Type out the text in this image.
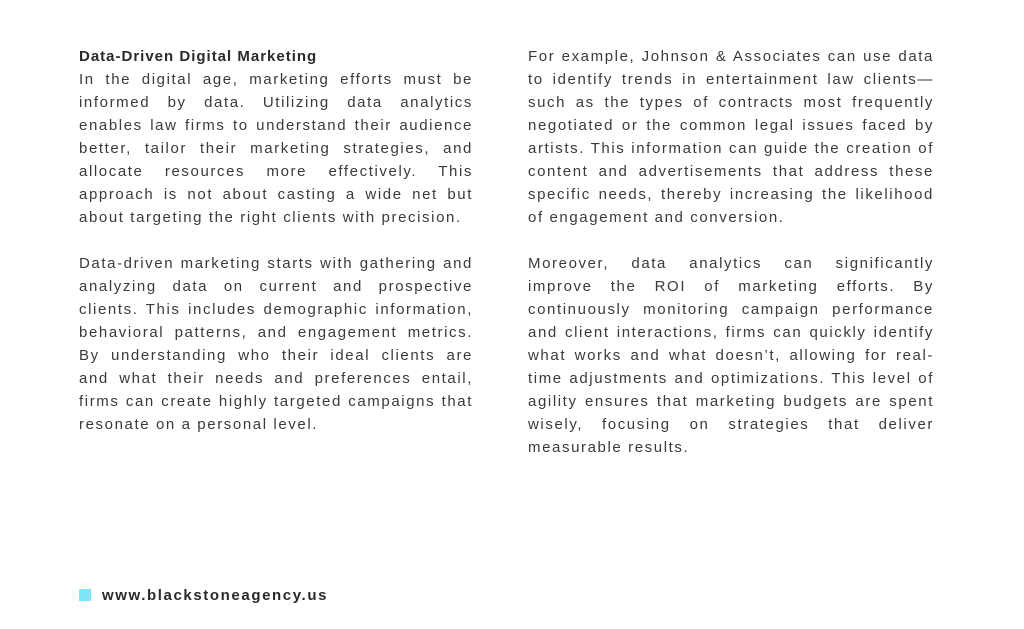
Data-Driven Digital Marketing

In the digital age, marketing efforts must be informed by data. Utilizing data analytics enables law firms to understand their audience better, tailor their marketing strategies, and allocate resources more effectively. This approach is not about casting a wide net but about targeting the right clients with precision.

Data-driven marketing starts with gathering and analyzing data on current and prospective clients. This includes demographic information, behavioral patterns, and engagement metrics. By understanding who their ideal clients are and what their needs and preferences entail, firms can create highly targeted campaigns that resonate on a personal level.

For example, Johnson & Associates can use data to identify trends in entertainment law clients—such as the types of contracts most frequently negotiated or the common legal issues faced by artists. This information can guide the creation of content and advertisements that address these specific needs, thereby increasing the likelihood of engagement and conversion.

Moreover, data analytics can significantly improve the ROI of marketing efforts. By continuously monitoring campaign performance and client interactions, firms can quickly identify what works and what doesn’t, allowing for real-time adjustments and optimizations. This level of agility ensures that marketing budgets are spent wisely, focusing on strategies that deliver measurable results.

www.blackstoneagency.us
